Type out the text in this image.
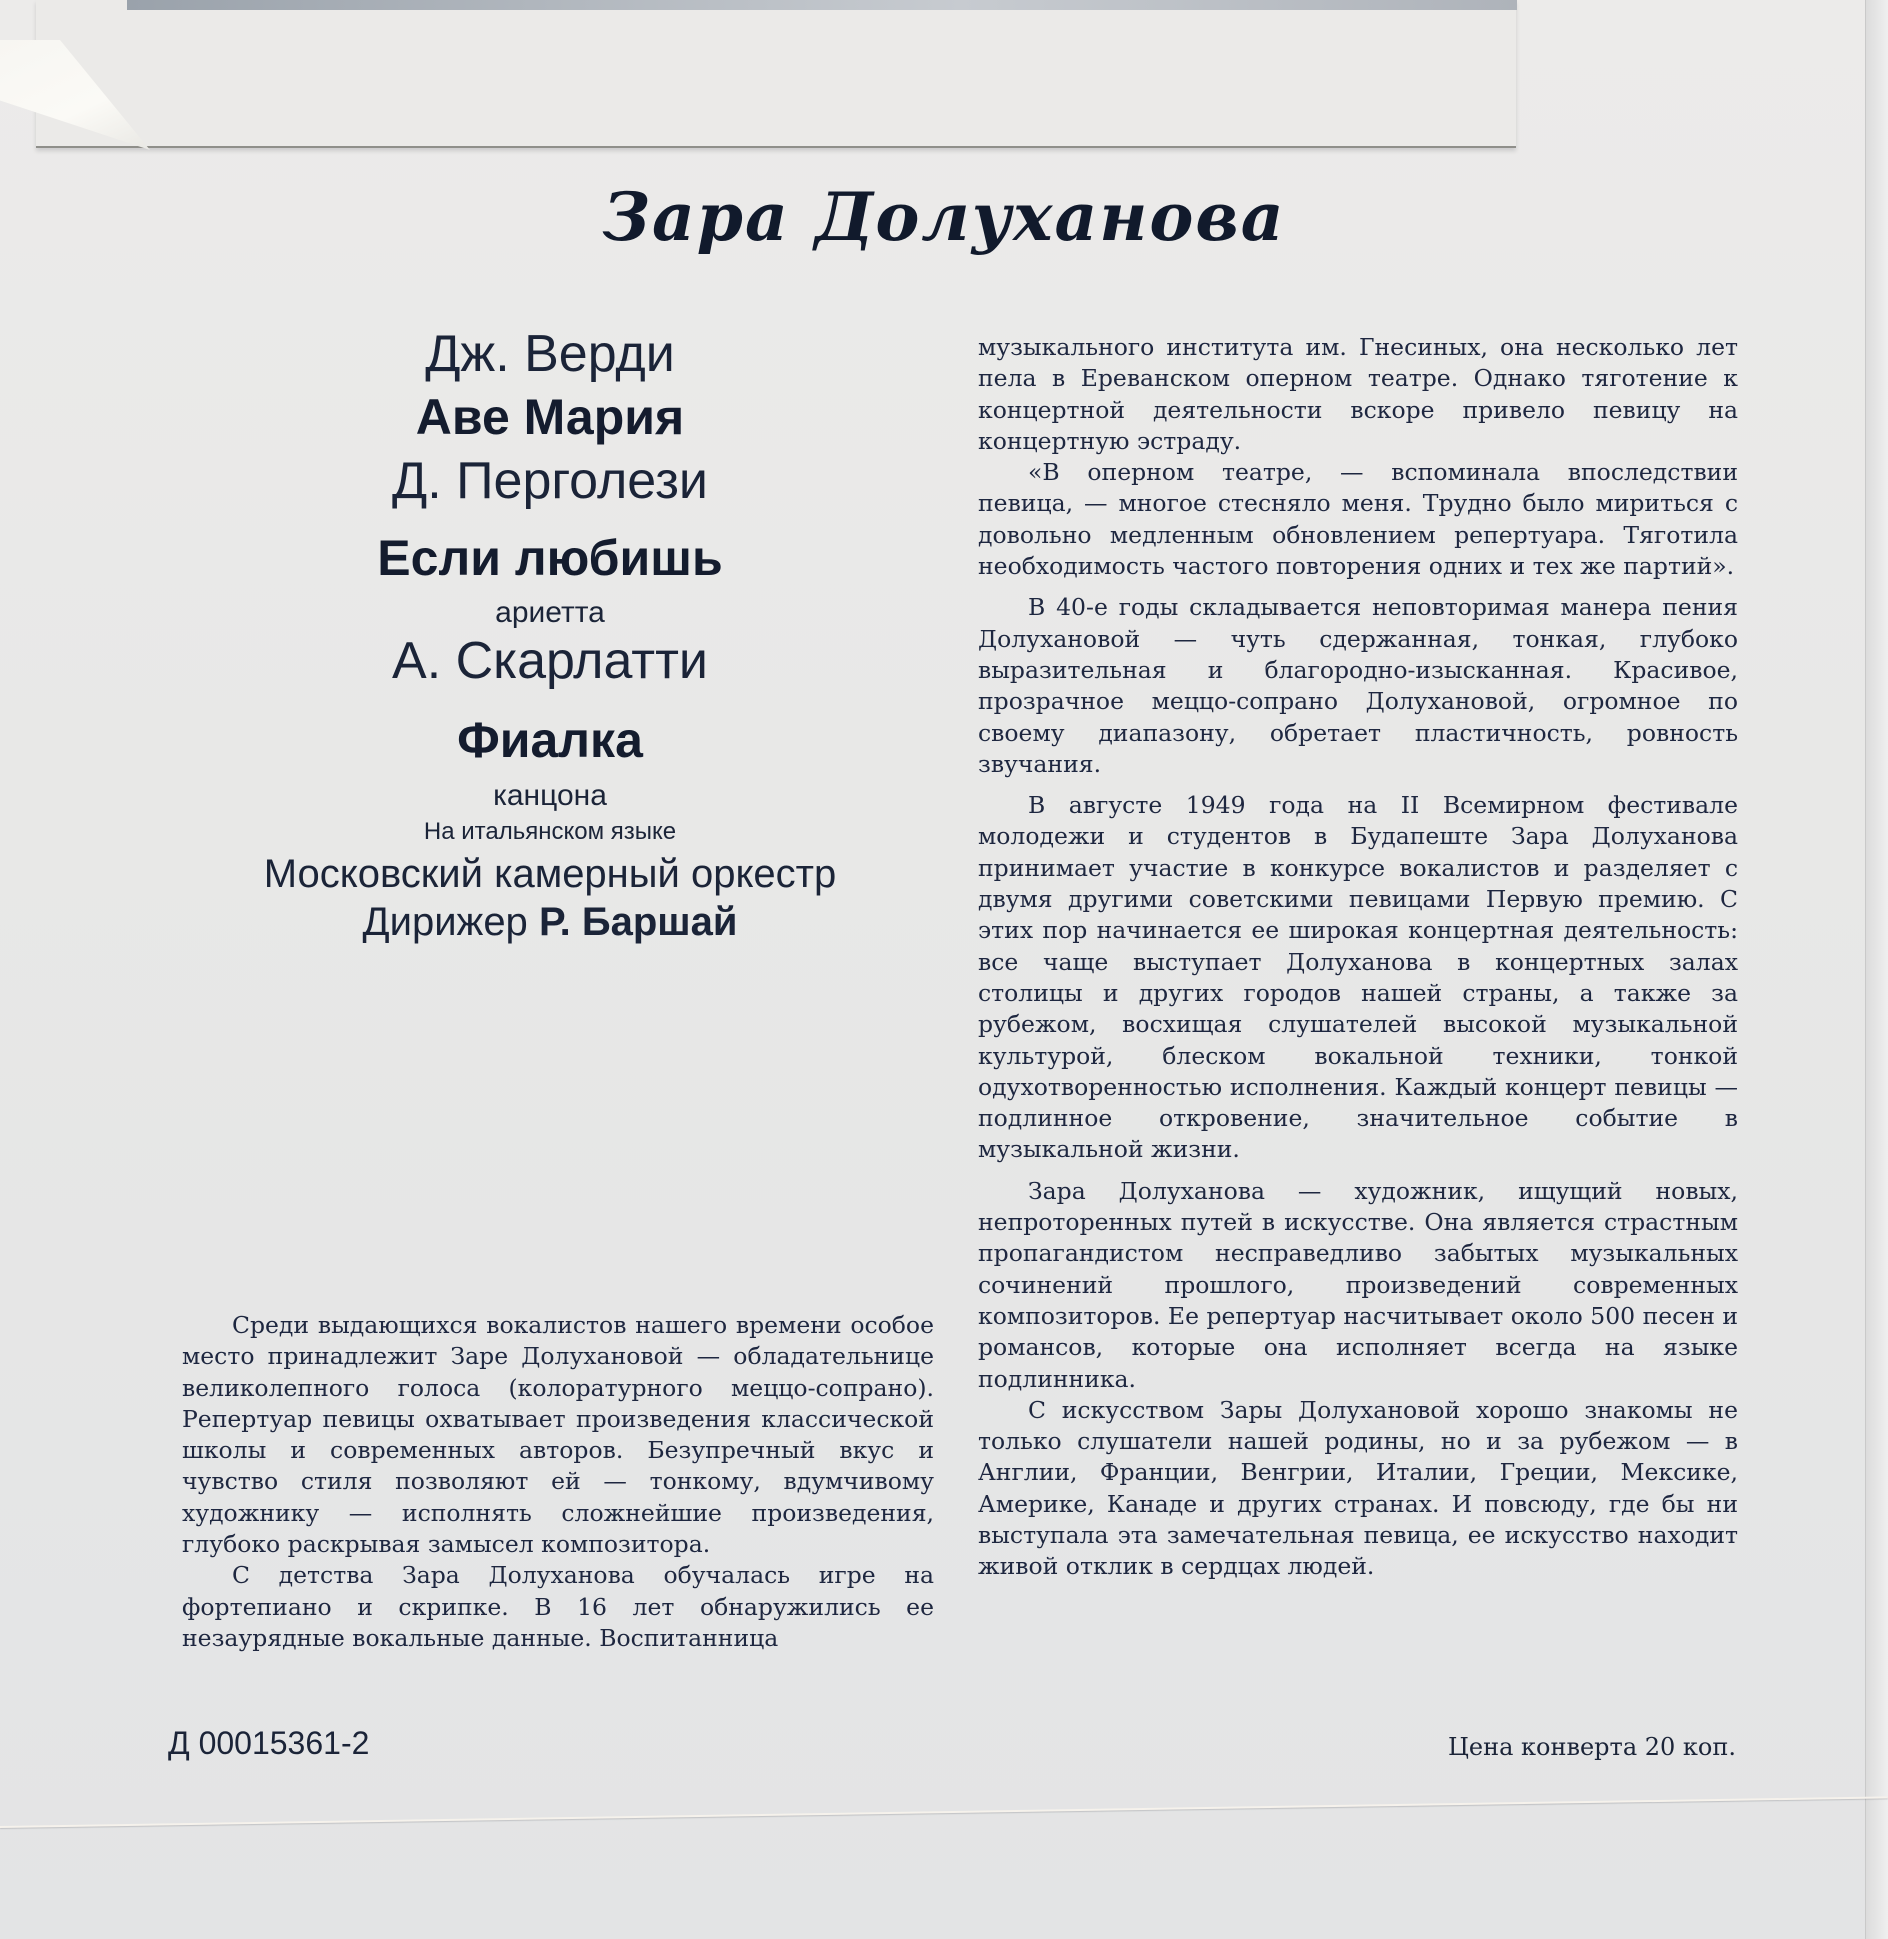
Зара Долуханова
Дж. Верди
Аве Мария
Д. Перголези
Если любишь
ариетта
А. Скарлатти
Фиалка
канцона
На итальянском языке
Московский камерный оркестр
Дирижер Р. Баршай

Среди выдающихся вокалистов нашего времени особое место принадлежит Заре Долухановой — обладательнице великолепного голоса (колоратурного меццо-сопрано). Репертуар певицы охватывает произведения классической школы и современных авторов. Безупречный вкус и чувство стиля позволяют ей — тонкому, вдумчивому художнику — исполнять сложнейшие произведения, глубоко раскрывая замысел композитора.

С детства Зара Долуханова обучалась игре на фортепиано и скрипке. В 16 лет обнаружились ее незаурядные вокальные данные. Воспитанница

музыкального института им. Гнесиных, она несколько лет пела в Ереванском оперном театре. Однако тяготение к концертной деятельности вскоре привело певицу на концертную эстраду.

«В оперном театре, — вспоминала впоследствии певица, — многое стесняло меня. Трудно было мириться с довольно медленным обновлением репертуара. Тяготила необходимость частого повторения одних и тех же партий».

В 40-е годы складывается неповторимая манера пения Долухановой — чуть сдержанная, тонкая, глубоко выразительная и благородно-изысканная. Красивое, прозрачное меццо-сопрано Долухановой, огромное по своему диапазону, обретает пластичность, ровность звучания.

В августе 1949 года на II Всемирном фестивале молодежи и студентов в Будапеште Зара Долуханова принимает участие в конкурсе вокалистов и разделяет с двумя другими советскими певицами Первую премию. С этих пор начинается ее широкая концертная деятельность: все чаще выступает Долуханова в концертных залах столицы и других городов нашей страны, а также за рубежом, восхищая слушателей высокой музыкальной культурой, блеском вокальной техники, тонкой одухотворенностью исполнения. Каждый концерт певицы — подлинное откровение, значительное событие в музыкальной жизни.

Зара Долуханова — художник, ищущий новых, непроторенных путей в искусстве. Она является страстным пропагандистом несправедливо забытых музыкальных сочинений прошлого, произведений современных композиторов. Ее репертуар насчитывает около 500 песен и романсов, которые она исполняет всегда на языке подлинника.

С искусством Зары Долухановой хорошо знакомы не только слушатели нашей родины, но и за рубежом — в Англии, Франции, Венгрии, Италии, Греции, Мексике, Америке, Канаде и других странах. И повсюду, где бы ни выступала эта замечательная певица, ее искусство находит живой отклик в сердцах людей.

Д 00015361-2	Цена конверта 20 коп.
